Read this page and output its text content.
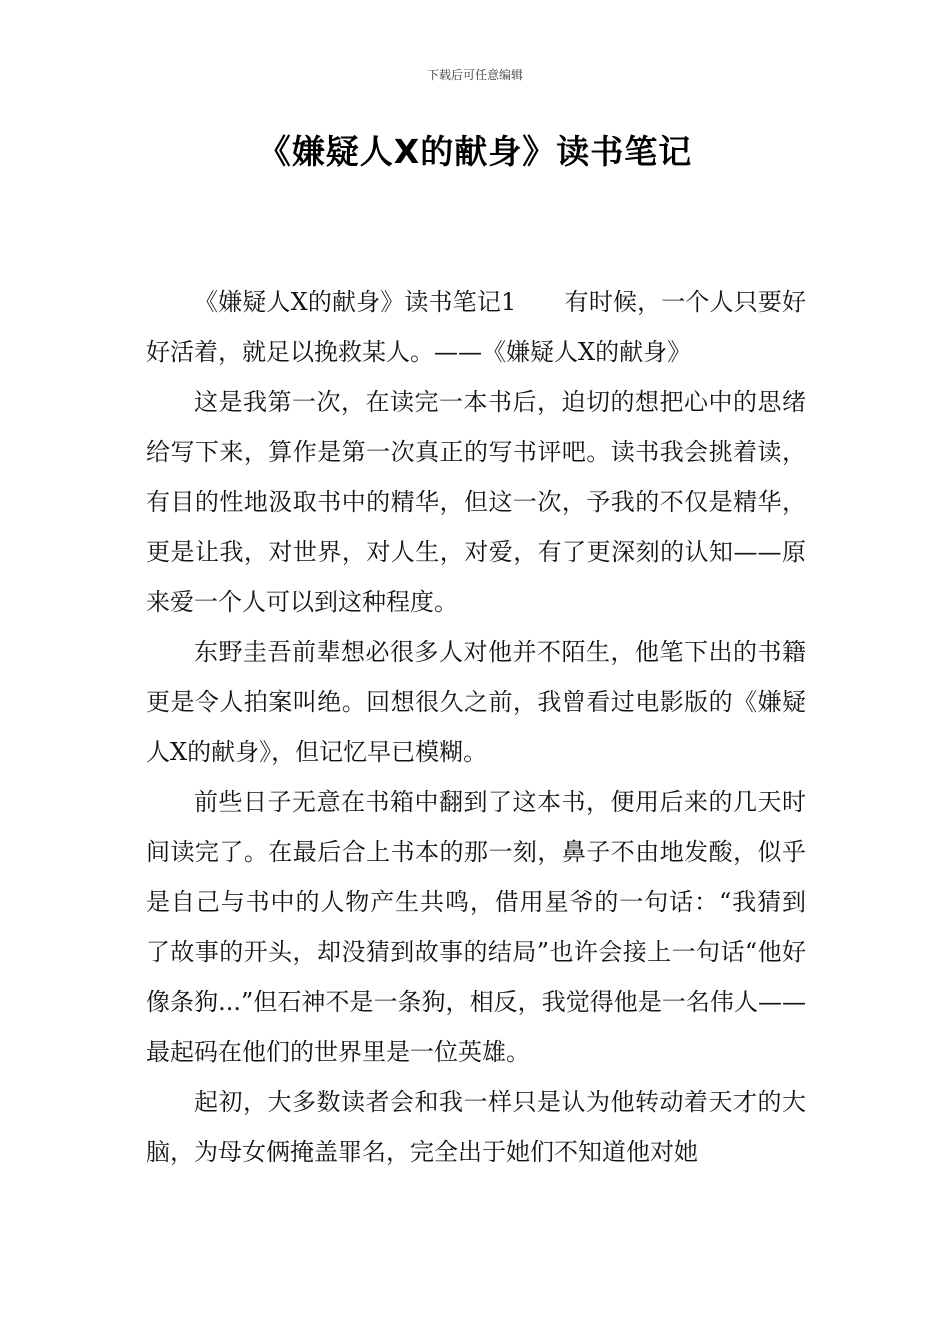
下载后可任意编辑
《嫌疑人X的献身》读书笔记

《嫌疑人X的献身》读书笔记1　　有时候，一个人只要好好活着，就足以挽救某人。——《嫌疑人X的献身》

这是我第一次，在读完一本书后，迫切的想把心中的思绪给写下来，算作是第一次真正的写书评吧。读书我会挑着读，有目的性地汲取书中的精华，但这一次，予我的不仅是精华，更是让我，对世界，对人生，对爱，有了更深刻的认知——原来爱一个人可以到这种程度。

东野圭吾前辈想必很多人对他并不陌生，他笔下出的书籍更是令人拍案叫绝。回想很久之前，我曾看过电影版的《嫌疑人X的献身》，但记忆早已模糊。

前些日子无意在书箱中翻到了这本书，便用后来的几天时间读完了。在最后合上书本的那一刻，鼻子不由地发酸，似乎是自己与书中的人物产生共鸣，借用星爷的一句话：“我猜到了故事的开头，却没猜到故事的结局”也许会接上一句话“他好像条狗...”但石神不是一条狗，相反，我觉得他是一名伟人——最起码在他们的世界里是一位英雄。

起初，大多数读者会和我一样只是认为他转动着天才的大脑，为母女俩掩盖罪名，完全出于她们不知道他对她
